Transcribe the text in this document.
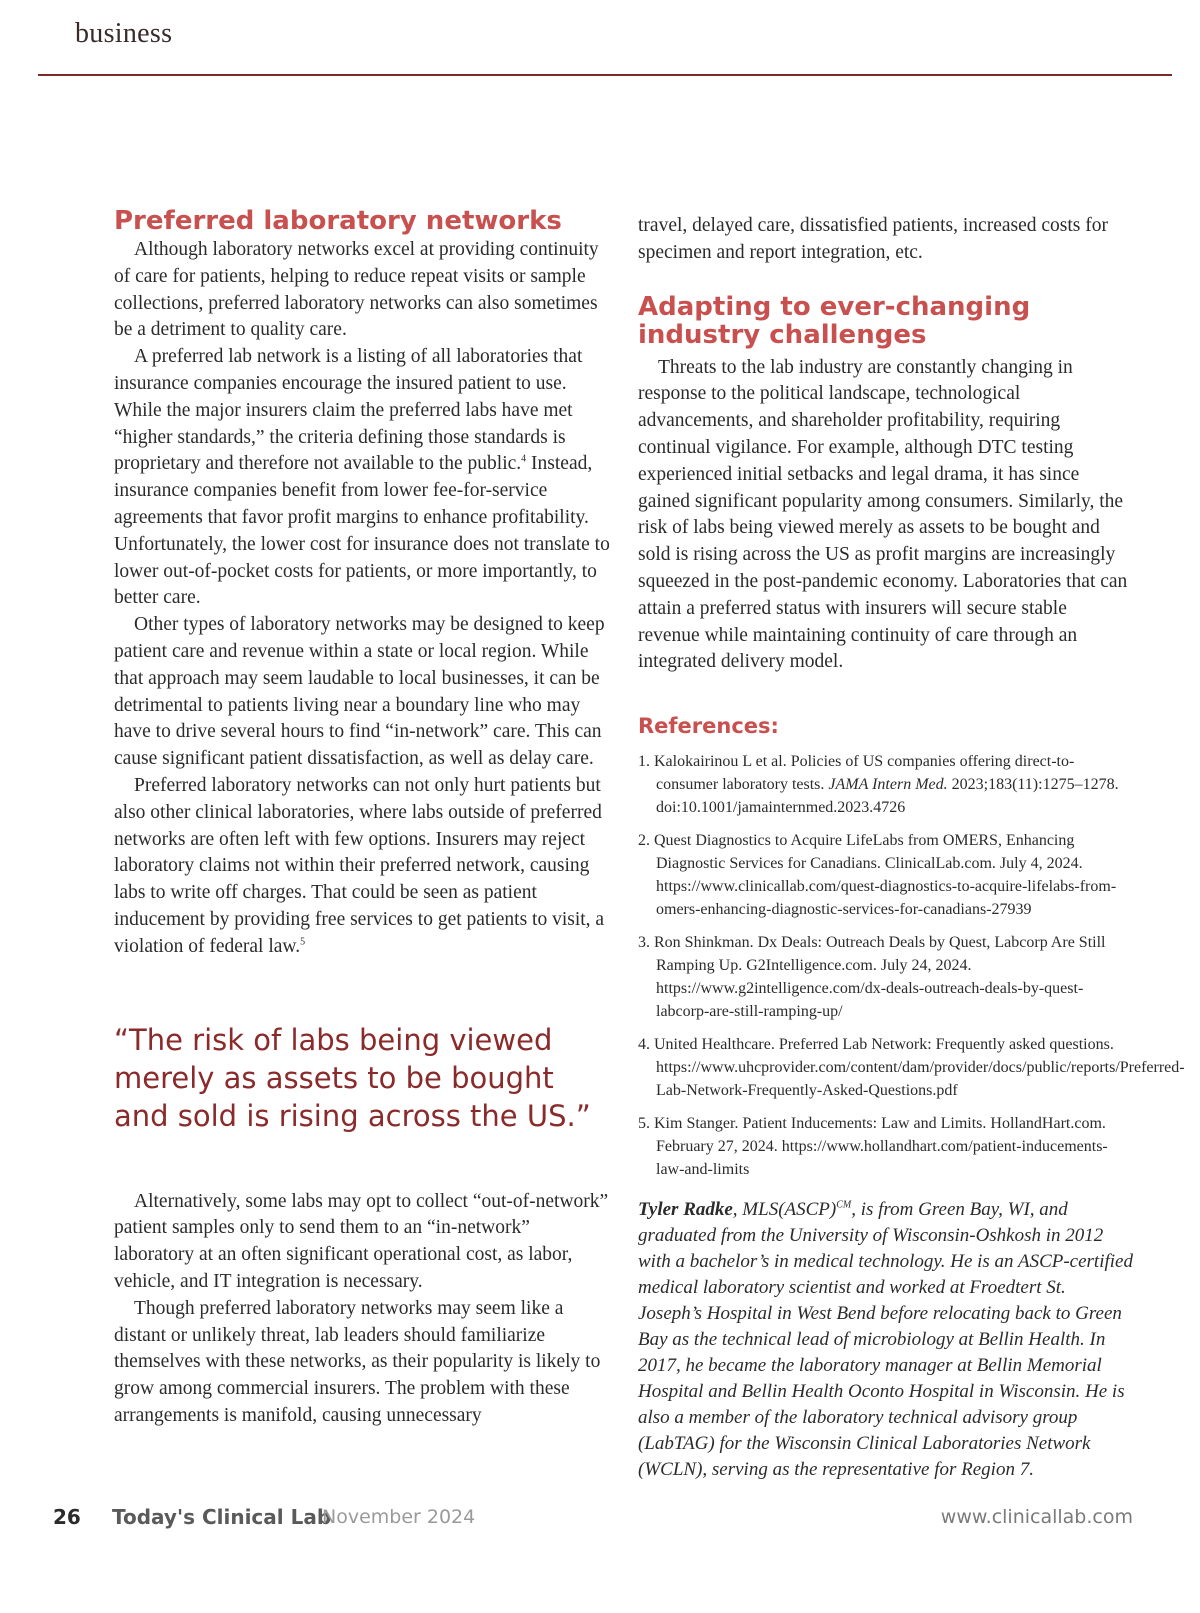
business
Preferred laboratory networks

Although laboratory networks excel at providing continuity of care for patients, helping to reduce repeat visits or sample collections, preferred laboratory networks can also sometimes be a detriment to quality care.

A preferred lab network is a listing of all laboratories that insurance companies encourage the insured patient to use. While the major insurers claim the preferred labs have met “higher standards,” the criteria defining those standards is proprietary and therefore not available to the public.$^4$ Instead, insurance companies benefit from lower fee-for-service agreements that favor profit margins to enhance profitability. Unfortunately, the lower cost for insurance does not translate to lower out-of-pocket costs for patients, or more importantly, to better care.

Other types of laboratory networks may be designed to keep patient care and revenue within a state or local region. While that approach may seem laudable to local businesses, it can be detrimental to patients living near a boundary line who may have to drive several hours to find “in-network” care. This can cause significant patient dissatisfaction, as well as delay care.

Preferred laboratory networks can not only hurt patients but also other clinical laboratories, where labs outside of preferred networks are often left with few options. Insurers may reject laboratory claims not within their preferred network, causing labs to write off charges. That could be seen as patient inducement by providing free services to get patients to visit, a violation of federal law.$^5$

“The risk of labs being viewed merely as assets to be bought and sold is rising across the US.”

Alternatively, some labs may opt to collect “out-of-network” patient samples only to send them to an “in-network” laboratory at an often significant operational cost, as labor, vehicle, and IT integration is necessary.

Though preferred laboratory networks may seem like a distant or unlikely threat, lab leaders should familiarize themselves with these networks, as their popularity is likely to grow among commercial insurers. The problem with these arrangements is manifold, causing unnecessary

travel, delayed care, dissatisfied patients, increased costs for specimen and report integration, etc.

Adapting to ever-changing industry challenges

Threats to the lab industry are constantly changing in response to the political landscape, technological advancements, and shareholder profitability, requiring continual vigilance. For example, although DTC testing experienced initial setbacks and legal drama, it has since gained significant popularity among consumers. Similarly, the risk of labs being viewed merely as assets to be bought and sold is rising across the US as profit margins are increasingly squeezed in the post-pandemic economy. Laboratories that can attain a preferred status with insurers will secure stable revenue while maintaining continuity of care through an integrated delivery model.

References:
1. Kalokairinou L et al. Policies of US companies offering direct-to-consumer laboratory tests. JAMA Intern Med. 2023;183(11):1275–1278. doi:10.1001/jamainternmed.2023.4726
2. Quest Diagnostics to Acquire LifeLabs from OMERS, Enhancing Diagnostic Services for Canadians. ClinicalLab.com. July 4, 2024. https://www.clinicallab.com/quest-diagnostics-to-acquire-lifelabs-from-omers-enhancing-diagnostic-services-for-canadians-27939
3. Ron Shinkman. Dx Deals: Outreach Deals by Quest, Labcorp Are Still Ramping Up. G2Intelligence.com. July 24, 2024. https://www.g2intelligence.com/dx-deals-outreach-deals-by-quest-labcorp-are-still-ramping-up/
4. United Healthcare. Preferred Lab Network: Frequently asked questions. https://www.uhcprovider.com/content/dam/provider/docs/public/reports/Preferred-Lab-Network-Frequently-Asked-Questions.pdf
5. Kim Stanger. Patient Inducements: Law and Limits. HollandHart.com. February 27, 2024. https://www.hollandhart.com/patient-inducements-law-and-limits

Tyler Radke, MLS(ASCP)$^{CM}$, is from Green Bay, WI, and graduated from the University of Wisconsin-Oshkosh in 2012 with a bachelor’s in medical technology. He is an ASCP-certified medical laboratory scientist and worked at Froedtert St. Joseph’s Hospital in West Bend before relocating back to Green Bay as the technical lead of microbiology at Bellin Health. In 2017, he became the laboratory manager at Bellin Memorial Hospital and Bellin Health Oconto Hospital in Wisconsin. He is also a member of the laboratory technical advisory group (LabTAG) for the Wisconsin Clinical Laboratories Network (WCLN), serving as the representative for Region 7.

26 Today's Clinical Lab
November 2024	www.clinicallab.com
